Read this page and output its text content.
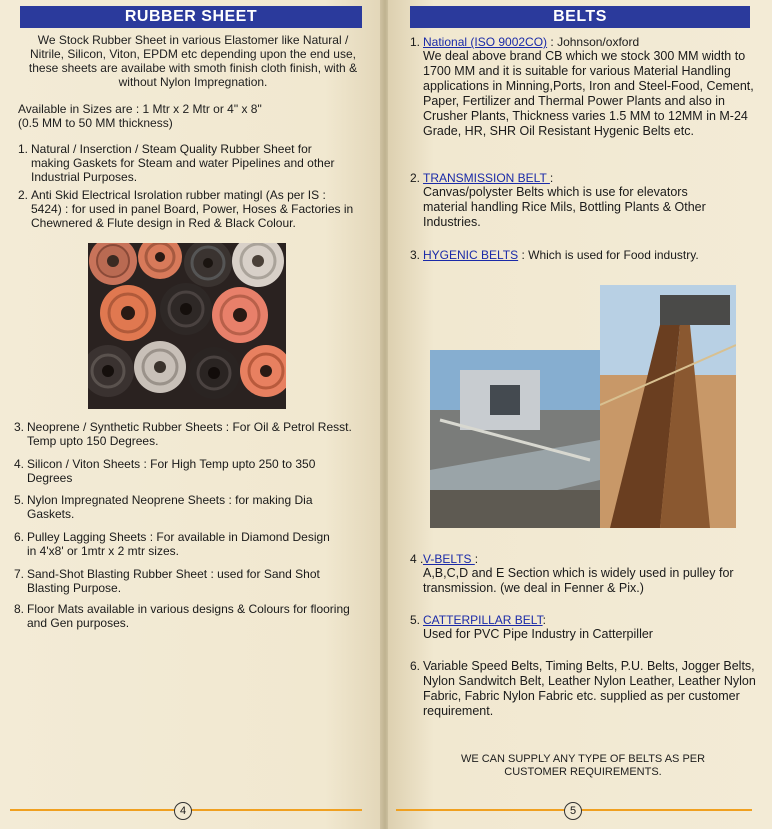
RUBBER SHEET
We Stock Rubber Sheet in various Elastomer like Natural / Nitrile, Silicon, Viton, EPDM etc depending upon the end use, these sheets are availabe with smoth finish cloth finish, with & without Nylon Impregnation.
Available in Sizes are : 1 Mtr x 2 Mtr or 4" x 8"
(0.5 MM to 50 MM thickness)
1. Natural / Inserction / Steam Quality Rubber Sheet for making Gaskets for Steam and water Pipelines and other Industrial Purposes.
2. Anti Skid Electrical Isrolation rubber matingl (As per IS : 5424) : for used in panel Board, Power, Hoses & Factories in Chewnered & Flute design in Red & Black Colour.
3. Neoprene / Synthetic Rubber Sheets : For Oil & Petrol Resst. Temp upto 150 Degrees.
4. Silicon / Viton Sheets : For High Temp upto 250 to 350 Degrees
5. Nylon Impregnated Neoprene Sheets : for making Dia Gaskets.
6. Pulley Lagging Sheets : For available in Diamond Design in 4'x8' or 1mtr x 2 mtr sizes.
7. Sand-Shot Blasting Rubber Sheet : used for Sand Shot Blasting Purpose.
8. Floor Mats available in various designs & Colours for flooring and Gen purposes.
4
BELTS
1. National (ISO 9002CO) : Johnson/oxford

We deal above brand CB which we stock 300 MM width to 1700 MM and it is suitable for various Material Handling applications in Minning,Ports, Iron and Steel-Food, Cement, Paper, Fertilizer and Thermal Power Plants and also in Crusher Plants, Thickness varies 1.5 MM to 12MM in M-24 Grade, HR, SHR Oil Resistant Hygenic Belts etc.
2. TRANSMISSION BELT :

Canvas/polyster Belts which is use for elevators material handling Rice Mils, Bottling Plants & Other Industries.
3. HYGENIC BELTS : Which is used for Food industry.
4 . V-BELTS :

A,B,C,D and E Section which is widely used in pulley for transmission. (we deal in Fenner & Pix.)
5. CATTERPILLAR BELT:

Used for PVC Pipe Industry in Catterpiller
6. Variable Speed Belts, Timing Belts, P.U. Belts, Jogger Belts, Nylon Sandwitch Belt, Leather Nylon Leather, Leather Nylon Fabric, Fabric Nylon Fabric etc. supplied as per customer requirement.
WE CAN SUPPLY ANY TYPE OF BELTS AS PER CUSTOMER REQUIREMENTS.
5
